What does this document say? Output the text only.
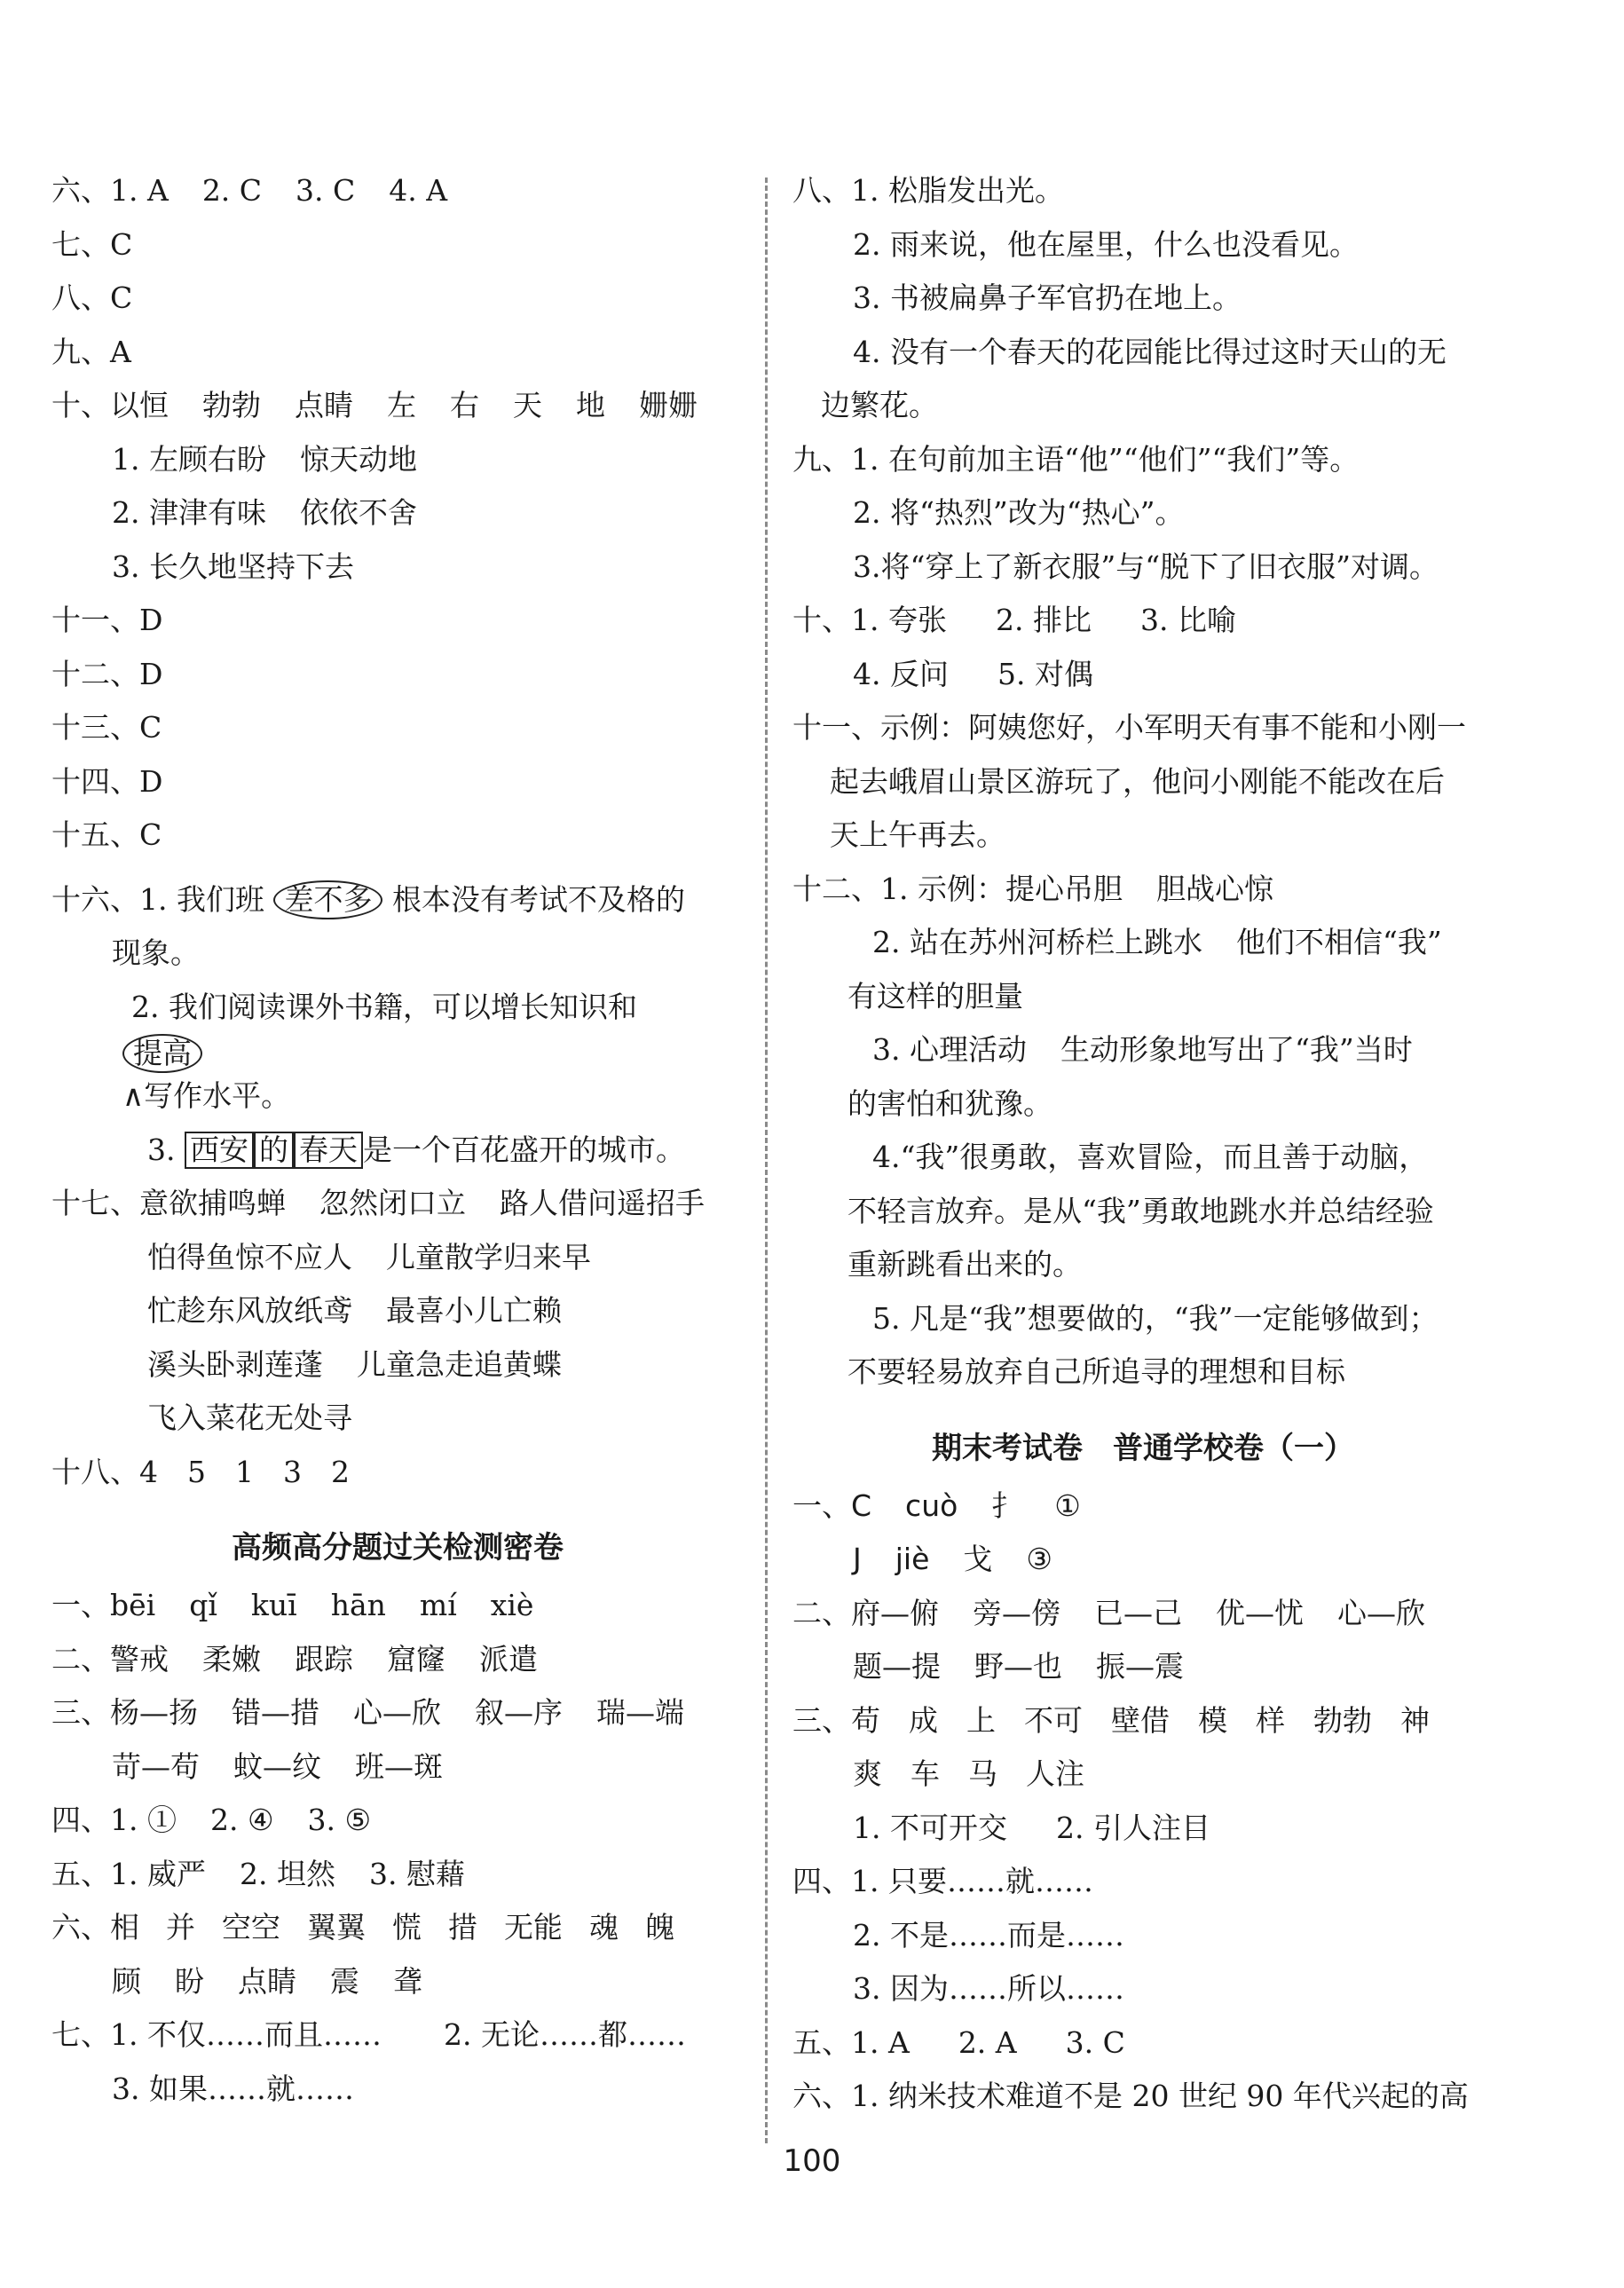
六、1. A 2. C 3. C 4. A
七、C
八、C
九、A
十、以恒 勃勃 点睛 左 右 天 地 姗姗
1. 左顾右盼 惊天动地
2. 津津有味 依依不舍
3. 长久地坚持下去
十一、D
十二、D
十三、C
十四、D
十五、C
十六、1. 我们班 差不多 根本没有考试不及格的
现象。
2. 我们阅读课外书籍，可以增长知识和
提高
∧写作水平。
3. 西安 的 春天 是一个百花盛开的城市。
十七、意欲捕鸣蝉 忽然闭口立 路人借问遥招手
怕得鱼惊不应人 儿童散学归来早
忙趁东风放纸鸢 最喜小儿亡赖
溪头卧剥莲蓬 儿童急走追黄蝶
飞入菜花无处寻
十八、4　5　1　3　2
高频高分题过关检测密卷
一、bēi qǐ kuī hān mí xiè
二、警戒 柔嫩 跟踪 窟窿 派遣
三、杨—扬 错—措 心—欣 叙—序 瑞—端
苛—苟 蚊—纹 班—斑
四、1. ① 2. ④ 3. ⑤
五、1. 威严 2. 坦然 3. 慰藉
六、相 并 空空 翼翼 慌 措 无能 魂 魄
顾 盼 点睛 震 聋
七、1. 不仅……而且…… 2. 无论……都……
3. 如果……就……
八、1. 松脂发出光。
2. 雨来说，他在屋里，什么也没看见。
3. 书被扁鼻子军官扔在地上。
4. 没有一个春天的花园能比得过这时天山的无
边繁花。
九、1. 在句前加主语“他”“他们”“我们”等。
2. 将“热烈”改为“热心”。
3.将“穿上了新衣服”与“脱下了旧衣服”对调。
十、1. 夸张 2. 排比 3. 比喻
4. 反问 5. 对偶
十一、示例：阿姨您好，小军明天有事不能和小刚一
起去峨眉山景区游玩了，他问小刚能不能改在后
天上午再去。
十二、1. 示例：提心吊胆 胆战心惊
2. 站在苏州河桥栏上跳水 他们不相信“我”
有这样的胆量
3. 心理活动 生动形象地写出了“我”当时
的害怕和犹豫。
4.“我”很勇敢，喜欢冒险，而且善于动脑，
不轻言放弃。是从“我”勇敢地跳水并总结经验
重新跳看出来的。
5. 凡是“我”想要做的，“我”一定能够做到；
不要轻易放弃自己所追寻的理想和目标
期末考试卷　普通学校卷（一）
一、C cuò 扌 ①
J jiè 戈 ③
二、府—俯 旁—傍 已—己 优—忧 心—欣
题—提 野—也 振—震
三、苟 成 上 不可 壁借 模 样 勃勃 神
爽 车 马 人注
1. 不可开交 2. 引人注目
四、1. 只要……就……
2. 不是……而是……
3. 因为……所以……
五、1. A 2. A 3. C
六、1. 纳米技术难道不是 20 世纪 90 年代兴起的高
100
